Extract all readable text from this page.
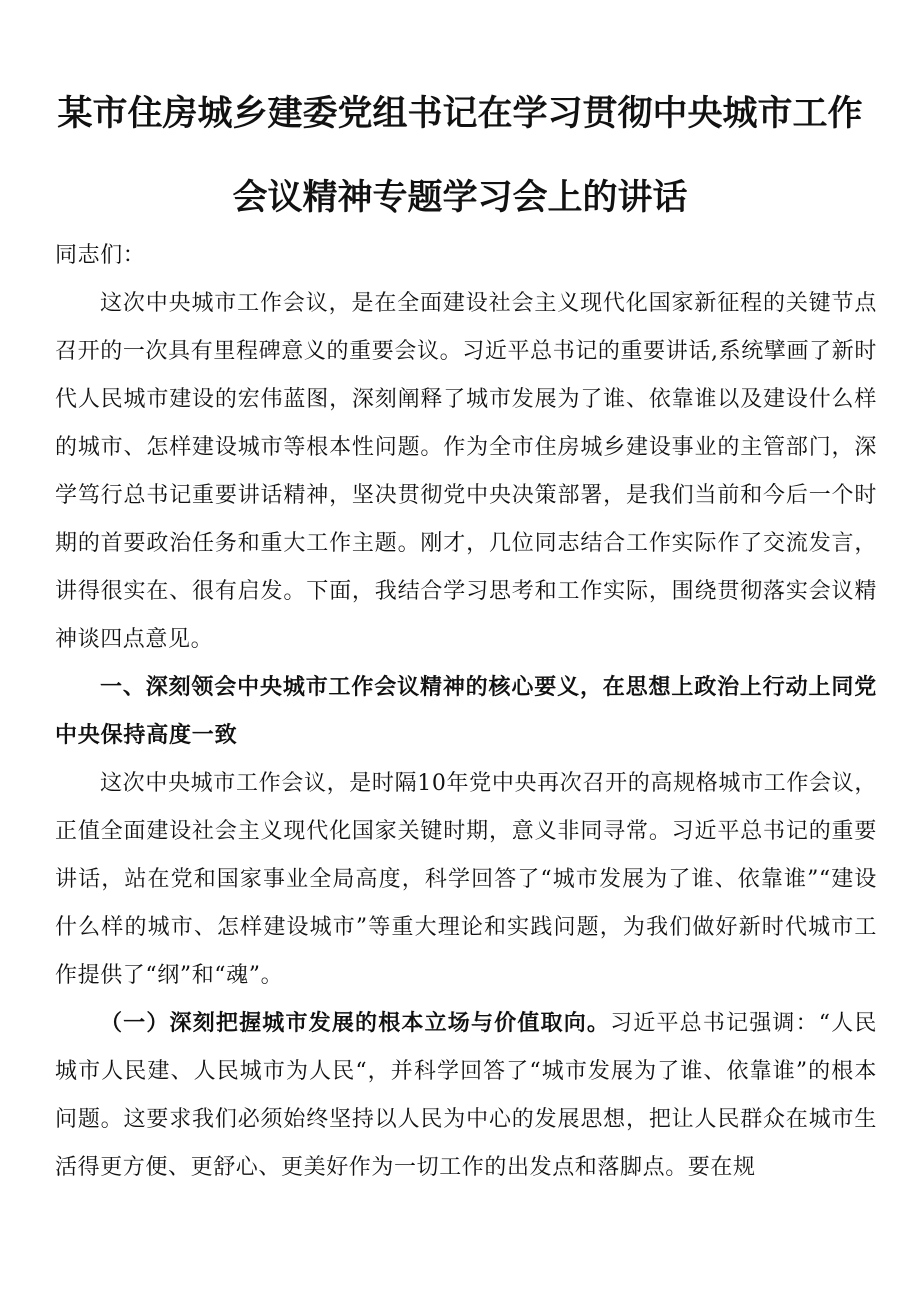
某市住房城乡建委党组书记在学习贯彻中央城市工作
会议精神专题学习会上的讲话

同志们：

这次中央城市工作会议，是在全面建设社会主义现代化国家新征程的关键节点召开的一次具有里程碑意义的重要会议。习近平总书记的重要讲话,系统擘画了新时代人民城市建设的宏伟蓝图，深刻阐释了城市发展为了谁、依靠谁以及建设什么样的城市、怎样建设城市等根本性问题。作为全市住房城乡建设事业的主管部门，深学笃行总书记重要讲话精神，坚决贯彻党中央决策部署，是我们当前和今后一个时期的首要政治任务和重大工作主题。刚才，几位同志结合工作实际作了交流发言，讲得很实在、很有启发。下面，我结合学习思考和工作实际，围绕贯彻落实会议精神谈四点意见。

一、深刻领会中央城市工作会议精神的核心要义，在思想上政治上行动上同党中央保持高度一致

这次中央城市工作会议，是时隔10年党中央再次召开的高规格城市工作会议，正值全面建设社会主义现代化国家关键时期，意义非同寻常。习近平总书记的重要讲话，站在党和国家事业全局高度，科学回答了“城市发展为了谁、依靠谁”“建设什么样的城市、怎样建设城市”等重大理论和实践问题，为我们做好新时代城市工作提供了“纲”和“魂”。

（一）深刻把握城市发展的根本立场与价值取向。习近平总书记强调：“人民城市人民建、人民城市为人民“，并科学回答了“城市发展为了谁、依靠谁”的根本问题。这要求我们必须始终坚持以人民为中心的发展思想，把让人民群众在城市生活得更方便、更舒心、更美好作为一切工作的出发点和落脚点。要在规
